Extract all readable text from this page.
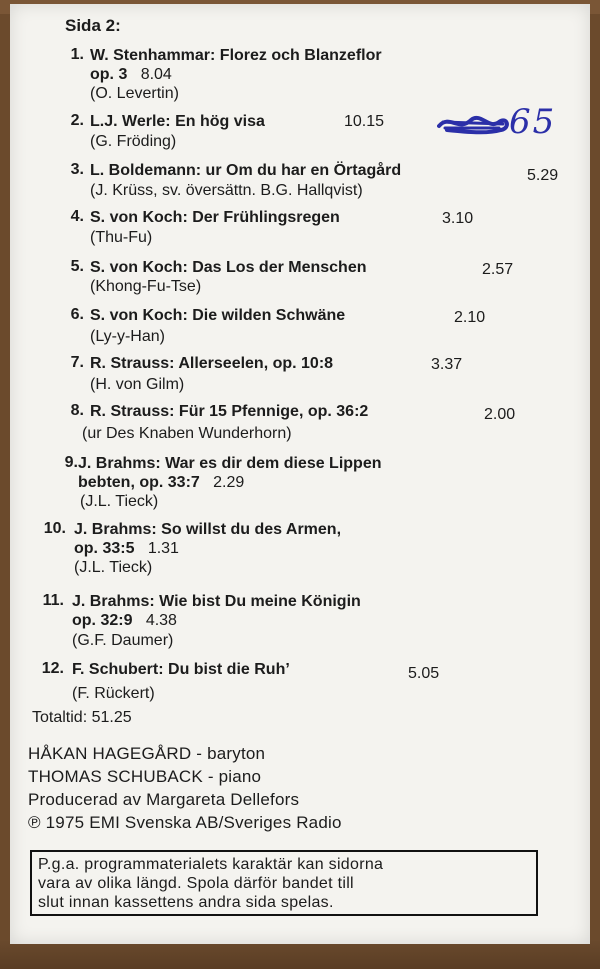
Sida 2:
1. W. Stenhammar: Florez och Blanzeflor
op. 3 8.04
(O. Levertin)
2. L.J. Werle: En hög visa	10.15
(G. Fröding)
3. L. Boldemann: ur Om du har en Örtagård	5.29
(J. Krüss, sv. översättn. B.G. Hallqvist)
4. S. von Koch: Der Frühlingsregen	3.10
(Thu-Fu)
5. S. von Koch: Das Los der Menschen	2.57
(Khong-Fu-Tse)
6. S. von Koch: Die wilden Schwäne	2.10
(Ly-y-Han)
7. R. Strauss: Allerseelen, op. 10:8	3.37
(H. von Gilm)
8. R. Strauss: Für 15 Pfennige, op. 36:2	2.00
(ur Des Knaben Wunderhorn)
9. J. Brahms: War es dir dem diese Lippen
bebten, op. 33:7 2.29
(J.L. Tieck)
10. J. Brahms: So willst du des Armen,
op. 33:5 1.31
(J.L. Tieck)
11. J. Brahms: Wie bist Du meine Königin
op. 32:9 4.38
(G.F. Daumer)
12. F. Schubert: Du bist die Ruh’	5.05
(F. Rückert)
Totaltid: 51.25
HÅKAN HAGEGÅRD - baryton
THOMAS SCHUBACK - piano
Producerad av Margareta Dellefors
℗ 1975 EMI Svenska AB/Sveriges Radio
P.g.a. programmaterialets karaktär kan sidorna
vara av olika längd. Spola därför bandet till
slut innan kassettens andra sida spelas.
65
